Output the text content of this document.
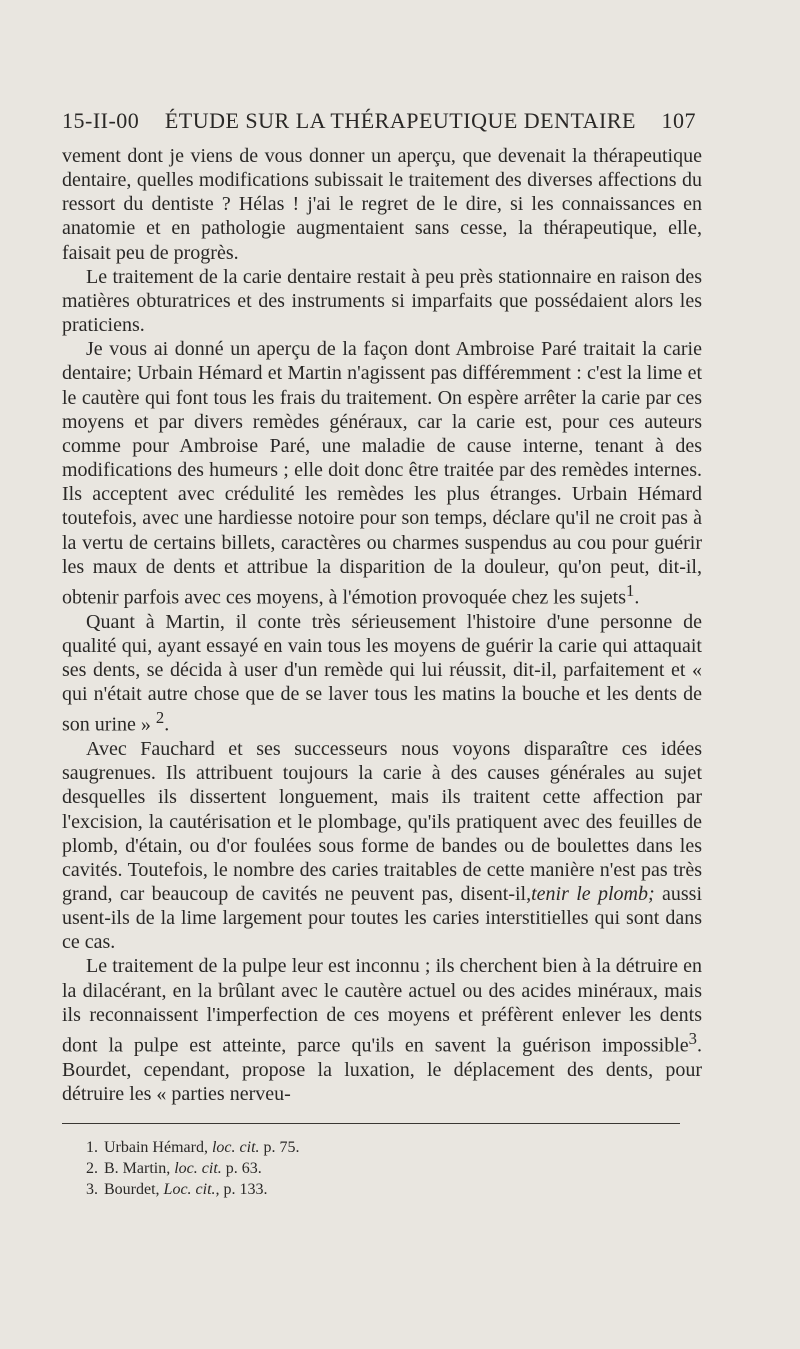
15-II-00 ÉTUDE SUR LA THÉRAPEUTIQUE DENTAIRE 107

vement dont je viens de vous donner un aperçu, que devenait la thérapeutique dentaire, quelles modifications subissait le traitement des diverses affections du ressort du dentiste ? Hélas ! j'ai le regret de le dire, si les connaissances en anatomie et en pathologie augmentaient sans cesse, la thérapeutique, elle, faisait peu de progrès.

Le traitement de la carie dentaire restait à peu près stationnaire en raison des matières obturatrices et des instruments si imparfaits que possédaient alors les praticiens.

Je vous ai donné un aperçu de la façon dont Ambroise Paré traitait la carie dentaire; Urbain Hémard et Martin n'agissent pas différemment : c'est la lime et le cautère qui font tous les frais du traitement. On espère arrêter la carie par ces moyens et par divers remèdes généraux, car la carie est, pour ces auteurs comme pour Ambroise Paré, une maladie de cause interne, tenant à des modifications des humeurs ; elle doit donc être traitée par des remèdes internes. Ils acceptent avec crédulité les remèdes les plus étranges. Urbain Hémard toutefois, avec une hardiesse notoire pour son temps, déclare qu'il ne croit pas à la vertu de certains billets, caractères ou charmes suspendus au cou pour guérir les maux de dents et attribue la disparition de la douleur, qu'on peut, dit-il, obtenir parfois avec ces moyens, à l'émotion provoquée chez les sujets$^1$.

Quant à Martin, il conte très sérieusement l'histoire d'une personne de qualité qui, ayant essayé en vain tous les moyens de guérir la carie qui attaquait ses dents, se décida à user d'un remède qui lui réussit, dit-il, parfaitement et « qui n'était autre chose que de se laver tous les matins la bouche et les dents de son urine » $^2$.

Avec Fauchard et ses successeurs nous voyons disparaître ces idées saugrenues. Ils attribuent toujours la carie à des causes générales au sujet desquelles ils dissertent longuement, mais ils traitent cette affection par l'excision, la cautérisation et le plombage, qu'ils pratiquent avec des feuilles de plomb, d'étain, ou d'or foulées sous forme de bandes ou de boulettes dans les cavités. Toutefois, le nombre des caries traitables de cette manière n'est pas très grand, car beaucoup de cavités ne peuvent pas, disent-il,tenir le plomb; aussi usent-ils de la lime largement pour toutes les caries interstitielles qui sont dans ce cas.

Le traitement de la pulpe leur est inconnu ; ils cherchent bien à la détruire en la dilacérant, en la brûlant avec le cautère actuel ou des acides minéraux, mais ils reconnaissent l'imperfection de ces moyens et préfèrent enlever les dents dont la pulpe est atteinte, parce qu'ils en savent la guérison impossible$^3$. Bourdet, cependant, propose la luxation, le déplacement des dents, pour détruire les « parties nerveu-

1. Urbain Hémard, loc. cit. p. 75.
2. B. Martin, loc. cit. p. 63.
3. Bourdet, Loc. cit., p. 133.
